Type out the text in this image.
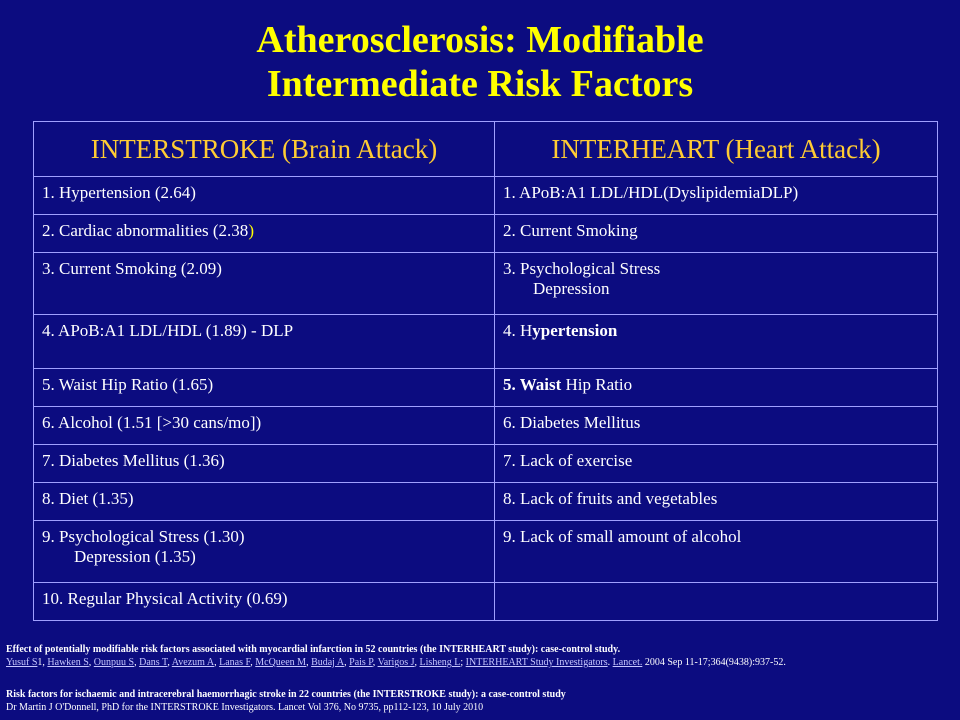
Atherosclerosis: Modifiable
Intermediate Risk Factors
INTERSTROKE (Brain Attack)	INTERHEART (Heart Attack)
1. Hypertension (2.64)	1. APoB:A1 LDL/HDL(DyslipidemiaDLP)
2. Cardiac abnormalities (2.38)	2. Current Smoking
3. Current Smoking (2.09)	3. Psychological Stress
Depression

4. APoB:A1 LDL/HDL (1.89) - DLP	4. Hypertension
5. Waist Hip Ratio (1.65)	5. Waist Hip Ratio
6. Alcohol (1.51 [>30 cans/mo])	6. Diabetes Mellitus
7. Diabetes Mellitus (1.36)	7. Lack of exercise
8. Diet (1.35)	8. Lack of fruits and vegetables
9. Psychological Stress (1.30)
Depression (1.35)	9. Lack of small amount of alcohol
10. Regular Physical Activity (0.69)	
Effect of potentially modifiable risk factors associated with myocardial infarction in 52 countries (the INTERHEART study): case-control study.
Yusuf S1, Hawken S, Ounpuu S, Dans T, Avezum A, Lanas F, McQueen M, Budaj A, Pais P, Varigos J, Lisheng L; INTERHEART Study Investigators. Lancet. 2004 Sep 11-17;364(9438):937-52.
Risk factors for ischaemic and intracerebral haemorrhagic stroke in 22 countries (the INTERSTROKE study): a case-control study
Dr Martin J O'Donnell, PhD for the INTERSTROKE Investigators. Lancet Vol 376, No 9735, pp112-123, 10 July 2010
